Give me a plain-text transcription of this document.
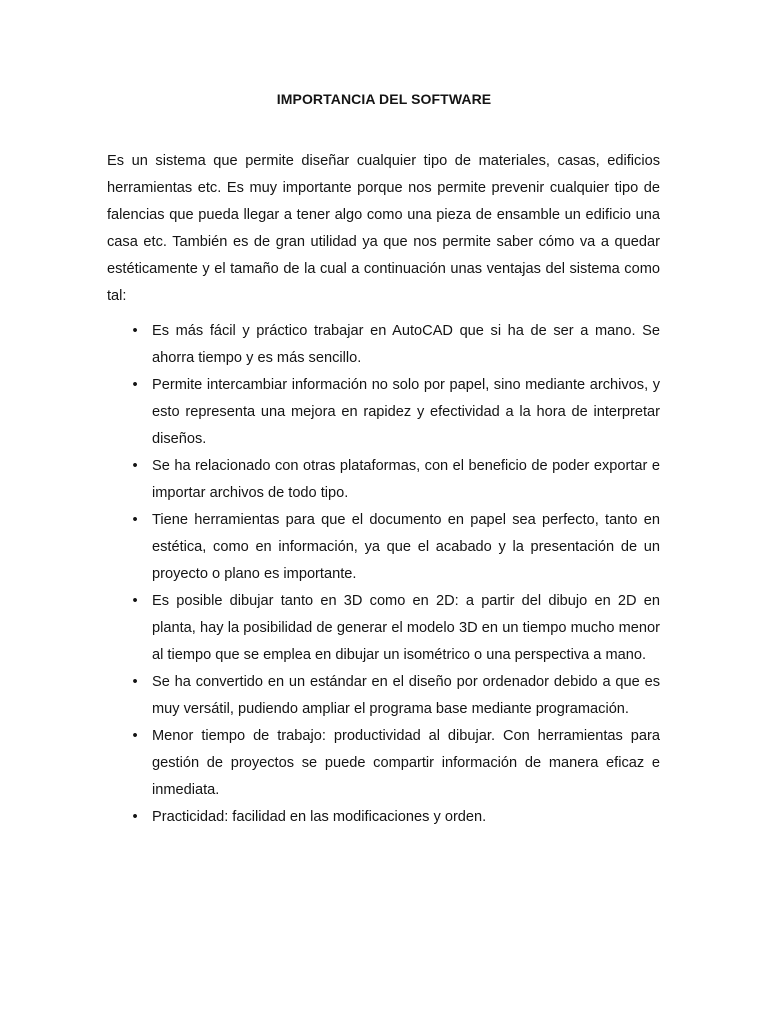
IMPORTANCIA DEL SOFTWARE

Es un sistema que permite diseñar cualquier tipo de materiales, casas, edificios herramientas etc. Es muy importante porque nos permite prevenir cualquier tipo de falencias que pueda llegar a tener algo como una pieza de ensamble un edificio una casa etc. También es de gran utilidad ya que nos permite saber cómo va a quedar estéticamente y el tamaño de la cual a continuación unas ventajas del sistema como tal:

• Es más fácil y práctico trabajar en AutoCAD que si ha de ser a mano. Se ahorra tiempo y es más sencillo.
• Permite intercambiar información no solo por papel, sino mediante archivos, y esto representa una mejora en rapidez y efectividad a la hora de interpretar diseños.
• Se ha relacionado con otras plataformas, con el beneficio de poder exportar e importar archivos de todo tipo.
• Tiene herramientas para que el documento en papel sea perfecto, tanto en estética, como en información, ya que el acabado y la presentación de un proyecto o plano es importante.
• Es posible dibujar tanto en 3D como en 2D: a partir del dibujo en 2D en planta, hay la posibilidad de generar el modelo 3D en un tiempo mucho menor al tiempo que se emplea en dibujar un isométrico o una perspectiva a mano.
• Se ha convertido en un estándar en el diseño por ordenador debido a que es muy versátil, pudiendo ampliar el programa base mediante programación.
• Menor tiempo de trabajo: productividad al dibujar. Con herramientas para gestión de proyectos se puede compartir información de manera eficaz e inmediata.
• Practicidad: facilidad en las modificaciones y orden.
